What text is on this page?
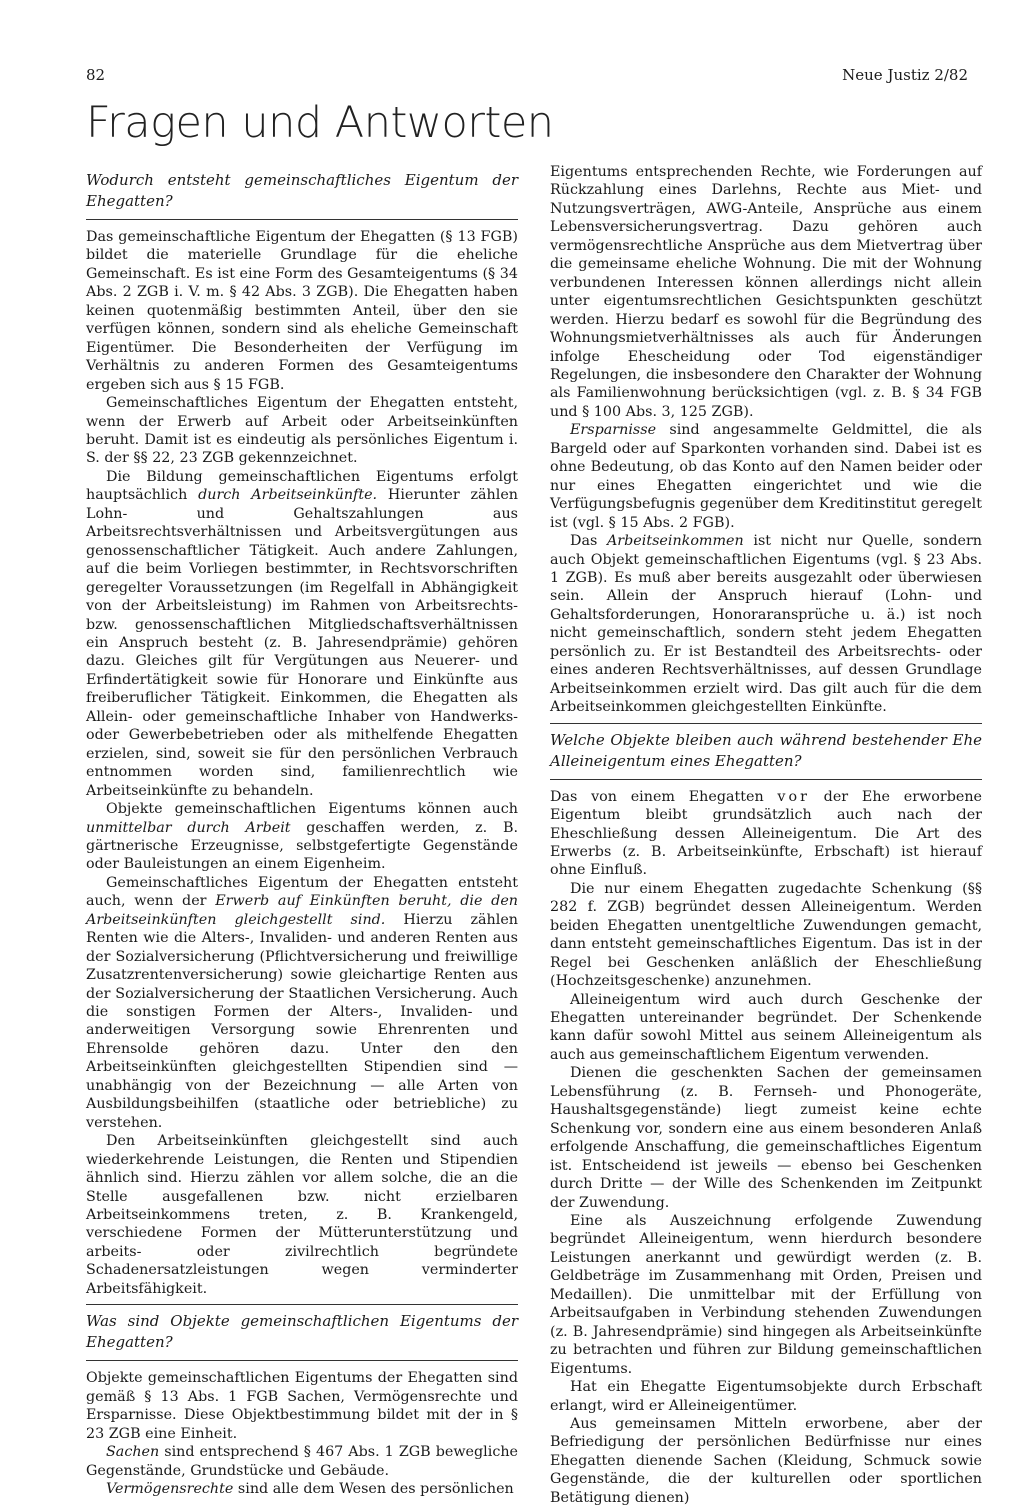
82	Neue Justiz 2/82
Fragen und Antworten
Wodurch entsteht gemeinschaftliches Eigentum der Ehegatten?

Das gemeinschaftliche Eigentum der Ehegatten (§ 13 FGB) bildet die materielle Grundlage für die eheliche Gemeinschaft. Es ist eine Form des Gesamteigentums (§ 34 Abs. 2 ZGB i. V. m. § 42 Abs. 3 ZGB). Die Ehegatten haben keinen quotenmäßig bestimmten Anteil, über den sie verfügen können, sondern sind als eheliche Gemeinschaft Eigentümer. Die Besonderheiten der Verfügung im Verhältnis zu anderen Formen des Gesamteigentums ergeben sich aus § 15 FGB.

Gemeinschaftliches Eigentum der Ehegatten entsteht, wenn der Erwerb auf Arbeit oder Arbeitseinkünften beruht. Damit ist es eindeutig als persönliches Eigentum i. S. der §§ 22, 23 ZGB gekennzeichnet.

Die Bildung gemeinschaftlichen Eigentums erfolgt hauptsächlich durch Arbeitseinkünfte. Hierunter zählen Lohn- und Gehaltszahlungen aus Arbeitsrechtsverhältnissen und Arbeitsvergütungen aus genossenschaftlicher Tätigkeit. Auch andere Zahlungen, auf die beim Vorliegen bestimmter, in Rechtsvorschriften geregelter Voraussetzungen (im Regelfall in Abhängigkeit von der Arbeitsleistung) im Rahmen von Arbeitsrechts- bzw. genossenschaftlichen Mitgliedschaftsverhältnissen ein Anspruch besteht (z. B. Jahresendprämie) gehören dazu. Gleiches gilt für Vergütungen aus Neuerer- und Erfindertätigkeit sowie für Honorare und Einkünfte aus freiberuflicher Tätigkeit. Einkommen, die Ehegatten als Allein- oder gemeinschaftliche Inhaber von Handwerks- oder Gewerbebetrieben oder als mithelfende Ehegatten erzielen, sind, soweit sie für den persönlichen Verbrauch entnommen worden sind, familienrechtlich wie Arbeitseinkünfte zu behandeln.

Objekte gemeinschaftlichen Eigentums können auch unmittelbar durch Arbeit geschaffen werden, z. B. gärtnerische Erzeugnisse, selbstgefertigte Gegenstände oder Bauleistungen an einem Eigenheim.

Gemeinschaftliches Eigentum der Ehegatten entsteht auch, wenn der Erwerb auf Einkünften beruht, die den Arbeitseinkünften gleichgestellt sind. Hierzu zählen Renten wie die Alters-, Invaliden- und anderen Renten aus der Sozialversicherung (Pflichtversicherung und freiwillige Zusatzrentenversicherung) sowie gleichartige Renten aus der Sozialversicherung der Staatlichen Versicherung. Auch die sonstigen Formen der Alters-, Invaliden- und anderweitigen Versorgung sowie Ehrenrenten und Ehrensolde gehören dazu. Unter den den Arbeitseinkünften gleichgestellten Stipendien sind — unabhängig von der Bezeichnung — alle Arten von Ausbildungsbeihilfen (staatliche oder betriebliche) zu verstehen.

Den Arbeitseinkünften gleichgestellt sind auch wiederkehrende Leistungen, die Renten und Stipendien ähnlich sind. Hierzu zählen vor allem solche, die an die Stelle ausgefallenen bzw. nicht erzielbaren Arbeitseinkommens treten, z. B. Krankengeld, verschiedene Formen der Mütterunterstützung und arbeits- oder zivilrechtlich begründete Schadenersatzleistungen wegen verminderter Arbeitsfähigkeit.

Was sind Objekte gemeinschaftlichen Eigentums der Ehegatten?

Objekte gemeinschaftlichen Eigentums der Ehegatten sind gemäß § 13 Abs. 1 FGB Sachen, Vermögensrechte und Ersparnisse. Diese Objektbestimmung bildet mit der in § 23 ZGB eine Einheit.

Sachen sind entsprechend § 467 Abs. 1 ZGB bewegliche Gegenstände, Grundstücke und Gebäude.

Vermögensrechte sind alle dem Wesen des persönlichen

Eigentums entsprechenden Rechte, wie Forderungen auf Rückzahlung eines Darlehns, Rechte aus Miet- und Nutzungsverträgen, AWG-Anteile, Ansprüche aus einem Lebensversicherungsvertrag. Dazu gehören auch vermögensrechtliche Ansprüche aus dem Mietvertrag über die gemeinsame eheliche Wohnung. Die mit der Wohnung verbundenen Interessen können allerdings nicht allein unter eigentumsrechtlichen Gesichtspunkten geschützt werden. Hierzu bedarf es sowohl für die Begründung des Wohnungsmietverhältnisses als auch für Änderungen infolge Ehescheidung oder Tod eigenständiger Regelungen, die insbesondere den Charakter der Wohnung als Familienwohnung berücksichtigen (vgl. z. B. § 34 FGB und § 100 Abs. 3, 125 ZGB).

Ersparnisse sind angesammelte Geldmittel, die als Bargeld oder auf Sparkonten vorhanden sind. Dabei ist es ohne Bedeutung, ob das Konto auf den Namen beider oder nur eines Ehegatten eingerichtet und wie die Verfügungsbefugnis gegenüber dem Kreditinstitut geregelt ist (vgl. § 15 Abs. 2 FGB).

Das Arbeitseinkommen ist nicht nur Quelle, sondern auch Objekt gemeinschaftlichen Eigentums (vgl. § 23 Abs. 1 ZGB). Es muß aber bereits ausgezahlt oder überwiesen sein. Allein der Anspruch hierauf (Lohn- und Gehaltsforderungen, Honoraransprüche u. ä.) ist noch nicht gemeinschaftlich, sondern steht jedem Ehegatten persönlich zu. Er ist Bestandteil des Arbeitsrechts- oder eines anderen Rechtsverhältnisses, auf dessen Grundlage Arbeitseinkommen erzielt wird. Das gilt auch für die dem Arbeitseinkommen gleichgestellten Einkünfte.

Welche Objekte bleiben auch während bestehender Ehe Alleineigentum eines Ehegatten?

Das von einem Ehegatten vor der Ehe erworbene Eigentum bleibt grundsätzlich auch nach der Eheschließung dessen Alleineigentum. Die Art des Erwerbs (z. B. Arbeitseinkünfte, Erbschaft) ist hierauf ohne Einfluß.

Die nur einem Ehegatten zugedachte Schenkung (§§ 282 f. ZGB) begründet dessen Alleineigentum. Werden beiden Ehegatten unentgeltliche Zuwendungen gemacht, dann entsteht gemeinschaftliches Eigentum. Das ist in der Regel bei Geschenken anläßlich der Eheschließung (Hochzeitsgeschenke) anzunehmen.

Alleineigentum wird auch durch Geschenke der Ehegatten untereinander begründet. Der Schenkende kann dafür sowohl Mittel aus seinem Alleineigentum als auch aus gemeinschaftlichem Eigentum verwenden.

Dienen die geschenkten Sachen der gemeinsamen Lebensführung (z. B. Fernseh- und Phonogeräte, Haushaltsgegenstände) liegt zumeist keine echte Schenkung vor, sondern eine aus einem besonderen Anlaß erfolgende Anschaffung, die gemeinschaftliches Eigentum ist. Entscheidend ist jeweils — ebenso bei Geschenken durch Dritte — der Wille des Schenkenden im Zeitpunkt der Zuwendung.

Eine als Auszeichnung erfolgende Zuwendung begründet Alleineigentum, wenn hierdurch besondere Leistungen anerkannt und gewürdigt werden (z. B. Geldbeträge im Zusammenhang mit Orden, Preisen und Medaillen). Die unmittelbar mit der Erfüllung von Arbeitsaufgaben in Verbindung stehenden Zuwendungen (z. B. Jahresendprämie) sind hingegen als Arbeitseinkünfte zu betrachten und führen zur Bildung gemeinschaftlichen Eigentums.

Hat ein Ehegatte Eigentumsobjekte durch Erbschaft erlangt, wird er Alleineigentümer.

Aus gemeinsamen Mitteln erworbene, aber der Befriedigung der persönlichen Bedürfnisse nur eines Ehegatten dienende Sachen (Kleidung, Schmuck sowie Gegenstände, die der kulturellen oder sportlichen Betätigung dienen)
